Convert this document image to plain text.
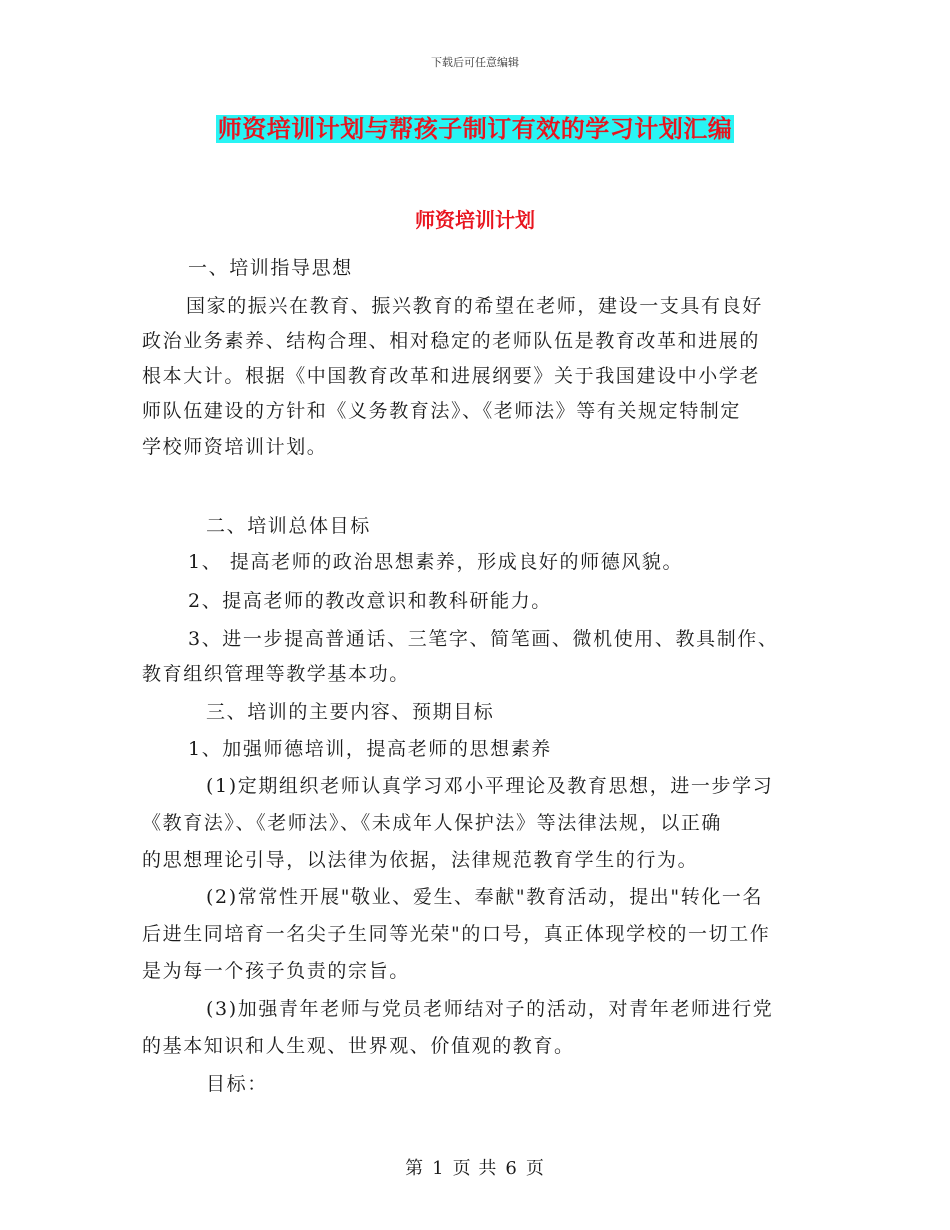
下载后可任意编辑
师资培训计划与帮孩子制订有效的学习计划汇编
师资培训计划
一、培训指导思想
国家的振兴在教育、振兴教育的希望在老师，建设一支具有良好
政治业务素养、结构合理、相对稳定的老师队伍是教育改革和进展的
根本大计。根据《中国教育改革和进展纲要》关于我国建设中小学老
师队伍建设的方针和《义务教育法》、《老师法》等有关规定特制定
学校师资培训计划。
二、培训总体目标
1、 提高老师的政治思想素养，形成良好的师德风貌。
2、提高老师的教改意识和教科研能力。
3、进一步提高普通话、三笔字、简笔画、微机使用、教具制作、
教育组织管理等教学基本功。
三、培训的主要内容、预期目标
1、加强师德培训，提高老师的思想素养
(1)定期组织老师认真学习邓小平理论及教育思想，进一步学习
《教育法》、《老师法》、《未成年人保护法》等法律法规，以正确
的思想理论引导，以法律为依据，法律规范教育学生的行为。
(2)常常性开展"敬业、爱生、奉献"教育活动，提出"转化一名
后进生同培育一名尖子生同等光荣"的口号，真正体现学校的一切工作
是为每一个孩子负责的宗旨。
(3)加强青年老师与党员老师结对子的活动，对青年老师进行党
的基本知识和人生观、世界观、价值观的教育。
目标：
第 1 页 共 6 页
